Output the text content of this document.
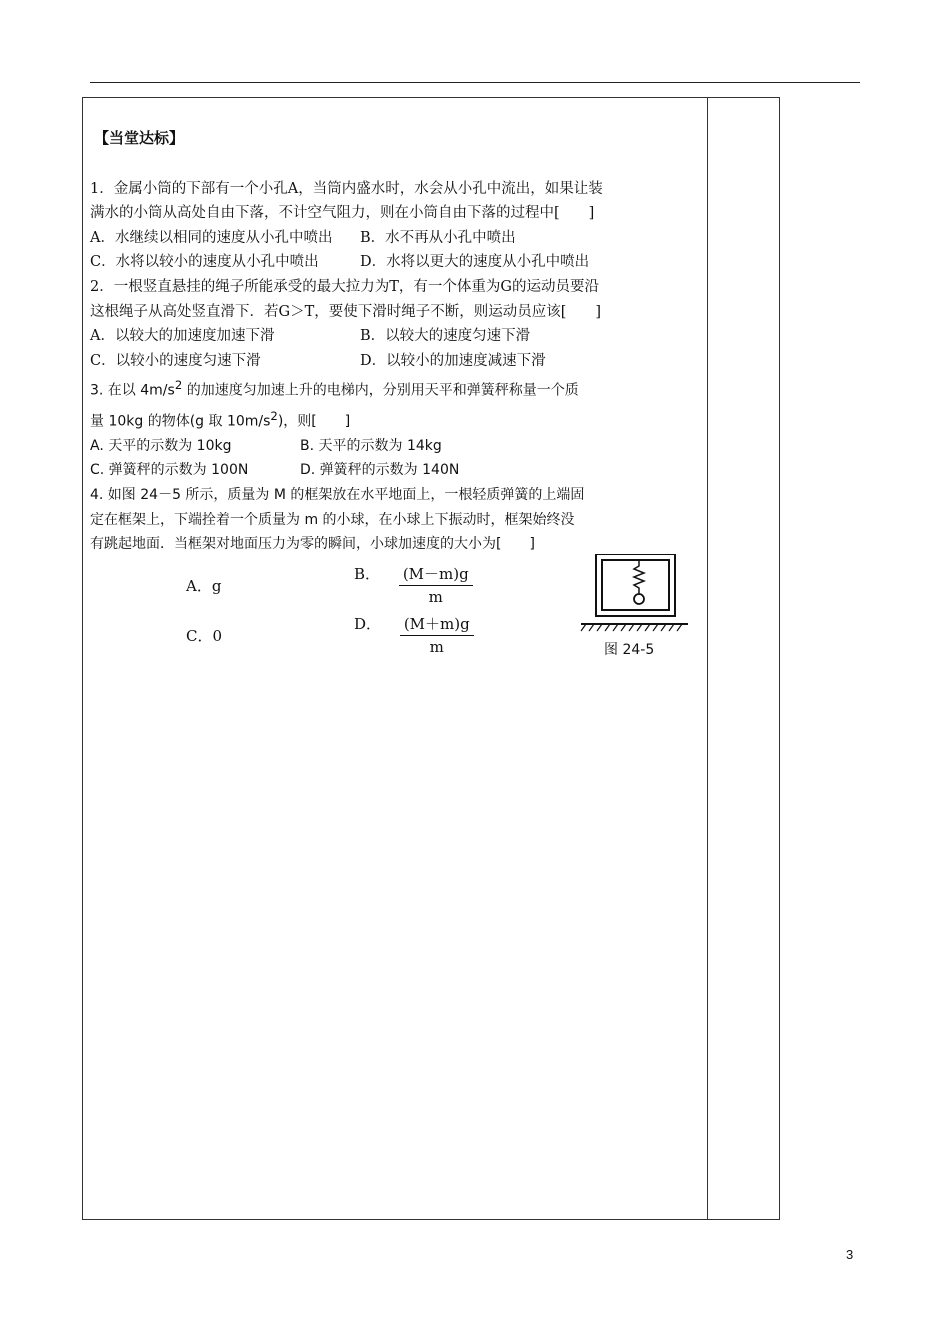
【当堂达标】
1．金属小筒的下部有一个小孔A，当筒内盛水时，水会从小孔中流出，如果让装
满水的小筒从高处自由下落，不计空气阻力，则在小筒自由下落的过程中[　　]
A．水继续以相同的速度从小孔中喷出	B．水不再从小孔中喷出
C．水将以较小的速度从小孔中喷出	D．水将以更大的速度从小孔中喷出
2．一根竖直悬挂的绳子所能承受的最大拉力为T，有一个体重为G的运动员要沿
这根绳子从高处竖直滑下．若G＞T，要使下滑时绳子不断，则运动员应该[　　]
A．以较大的加速度加速下滑	B．以较大的速度匀速下滑
C．以较小的速度匀速下滑	D．以较小的加速度减速下滑
3. 在以 $4m/s^2$ 的加速度匀加速上升的电梯内，分别用天平和弹簧秤称量一个质
量 10kg 的物体(g 取 $10m/s^2$)，则[　　]
A. 天平的示数为 10kg	B. 天平的示数为 14kg
C. 弹簧秤的示数为 100N	D. 弹簧秤的示数为 140N
4. 如图 24－5 所示，质量为 M 的框架放在水平地面上，一根轻质弹簧的上端固
定在框架上，下端拴着一个质量为 m 的小球，在小球上下振动时，框架始终没
有跳起地面．当框架对地面压力为零的瞬间，小球加速度的大小为[　　]
A．g
B． $\frac{(M-m)g}{m}$
C．0
D． $\frac{(M+m)g}{m}$	图 24-5
3
